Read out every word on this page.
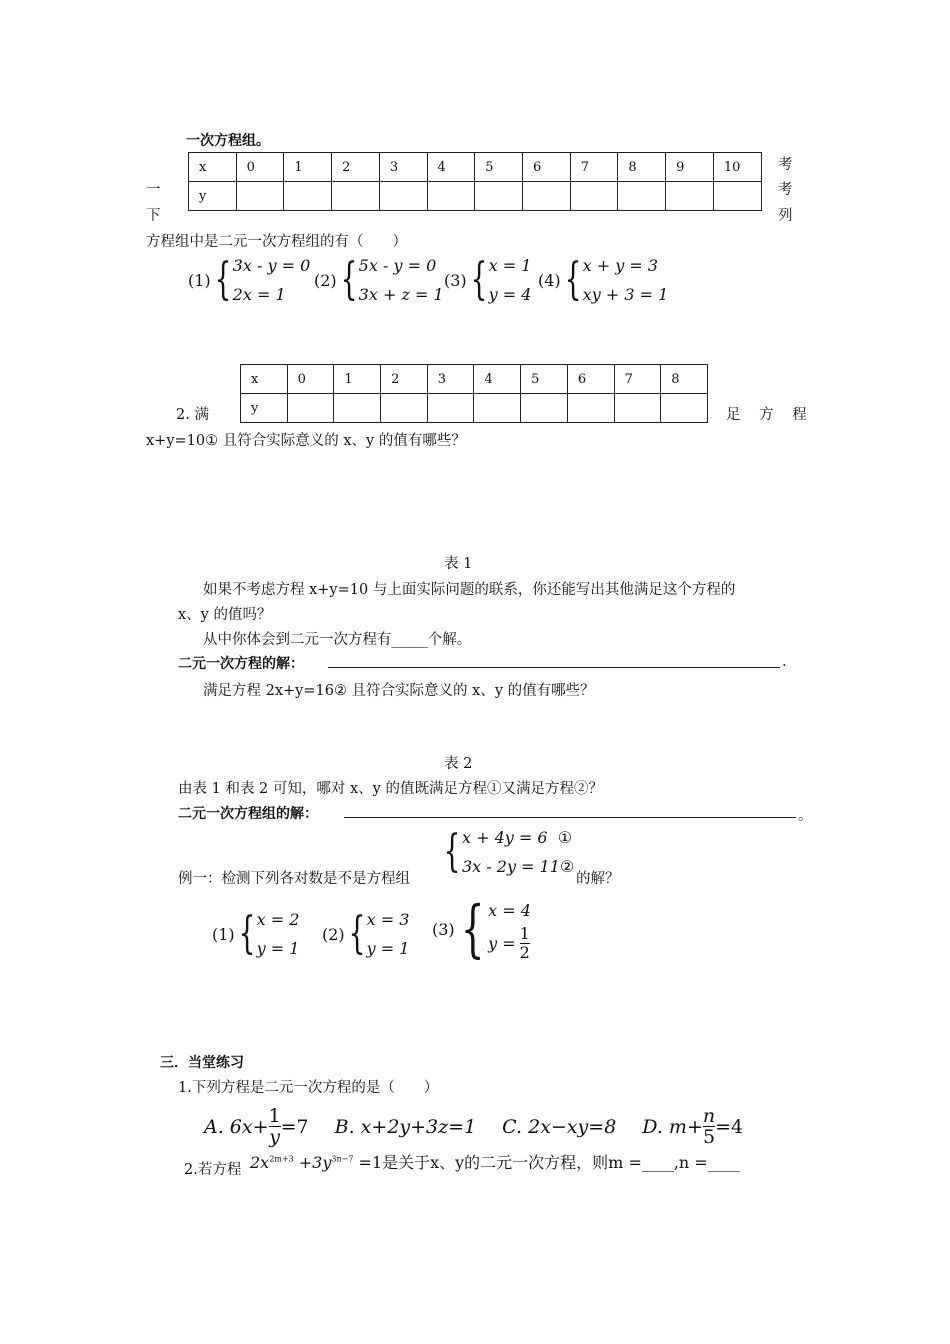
一次方程组。
一
下
考
考
列
x	0	1	2	3	4	5	6	7	8	9	10
y											
方程组中是二元一次方程组的有（　　）
(1) { 3x - y = 0
2x = 1
(2) { 5x - y = 0
3x + z = 1
(3) { x = 1
y = 4
(4) { x + y = 3
xy + 3 = 1
x	0	1	2	3	4	5	6	7	8
y									
2. 满	足 方 程
x+y=10① 且符合实际意义的 x、y 的值有哪些？
表 1
如果不考虑方程 x+y=10 与上面实际问题的联系，你还能写出其他满足这个方程的
x、y 的值吗？
从中你体会到二元一次方程有_____个解。
二元一次方程的解：	.
满足方程 2x+y=16② 且符合实际意义的 x、y 的值有哪些？
表 2
由表 1 和表 2 可知，哪对 x、y 的值既满足方程①又满足方程②？
二元一次方程组的解：	。
{ x + 4y = 6 ①
3x - 2y = 11②
例一：检测下列各对数是不是方程组	的解？
(1) { x = 2
y = 1
(2) { x = 3
y = 1
(3) { x = 4
$y = \frac{1}{2}$
三．当堂练习
1.下列方程是二元一次方程的是（　　）
A. $6x+ \frac{1}{y} =7$ B. x+2y+3z=1 C. 2x−xy=8 D. $m+ \frac{n}{5} =4$
2.若方程 $2x^{2m+3} +3y^{3n-7} =1$是关于x、y的二元一次方程，则m =____,n =____
